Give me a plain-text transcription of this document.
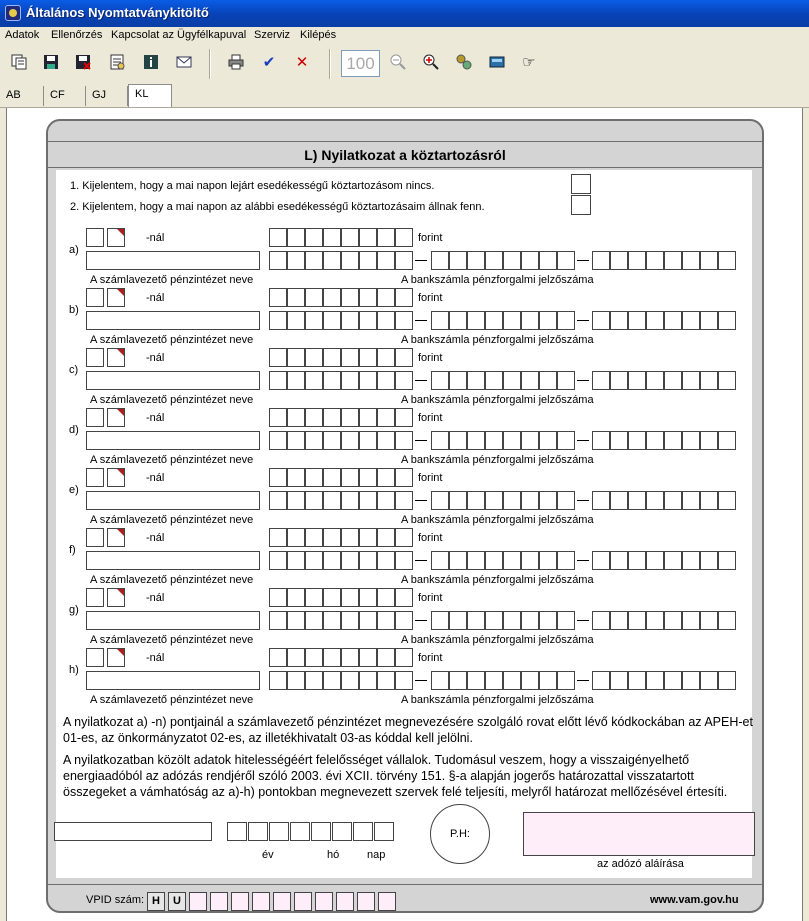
Általános Nyomtatványkitöltő
Adatok Ellenőrzés Kapcsolat az Ügyfélkapuval Szerviz Kilépés
✔	✕	100	☞
AB	CF	GJ	KL
L) Nyilatkozat a köztartozásról
1. Kijelentem, hogy a mai napon lejárt esedékességű köztartozásom nincs.
2. Kijelentem, hogy a mai napon az alábbi esedékességű köztartozásaim állnak fenn.
a)
-nál	forint
A számlavezető pénzintézet neve	A bankszámla pénzforgalmi jelzőszáma
b)
-nál	forint
A számlavezető pénzintézet neve	A bankszámla pénzforgalmi jelzőszáma
c)
-nál	forint
A számlavezető pénzintézet neve	A bankszámla pénzforgalmi jelzőszáma
d)
-nál	forint
A számlavezető pénzintézet neve	A bankszámla pénzforgalmi jelzőszáma
e)
-nál	forint
A számlavezető pénzintézet neve	A bankszámla pénzforgalmi jelzőszáma
f)
-nál	forint
A számlavezető pénzintézet neve	A bankszámla pénzforgalmi jelzőszáma
g)
-nál	forint
A számlavezető pénzintézet neve	A bankszámla pénzforgalmi jelzőszáma
h)
-nál	forint
A számlavezető pénzintézet neve	A bankszámla pénzforgalmi jelzőszáma
A nyilatkozat a) -n) pontjainál a számlavezető pénzintézet megnevezésére szolgáló rovat előtt lévő kódkockában az APEH-et 01-es, az önkormányzatot 02-es, az illetékhivatalt 03-as kóddal kell jelölni.
A nyilatkozatban közölt adatok hitelességéért felelősséget vállalok. Tudomásul veszem, hogy a visszaigényelhető energiaadóból az adózás rendjéről szóló 2003. évi XCII. törvény 151. §-a alapján jogerős határozattal visszatartott összegeket a vámhatóság az a)-h) pontokban megnevezett szervek felé teljesíti, melyről határozat mellőzésével értesíti.
év	hó	nap
P.H:
az adózó aláírása
VPID szám: H	U	www.vam.gov.hu
